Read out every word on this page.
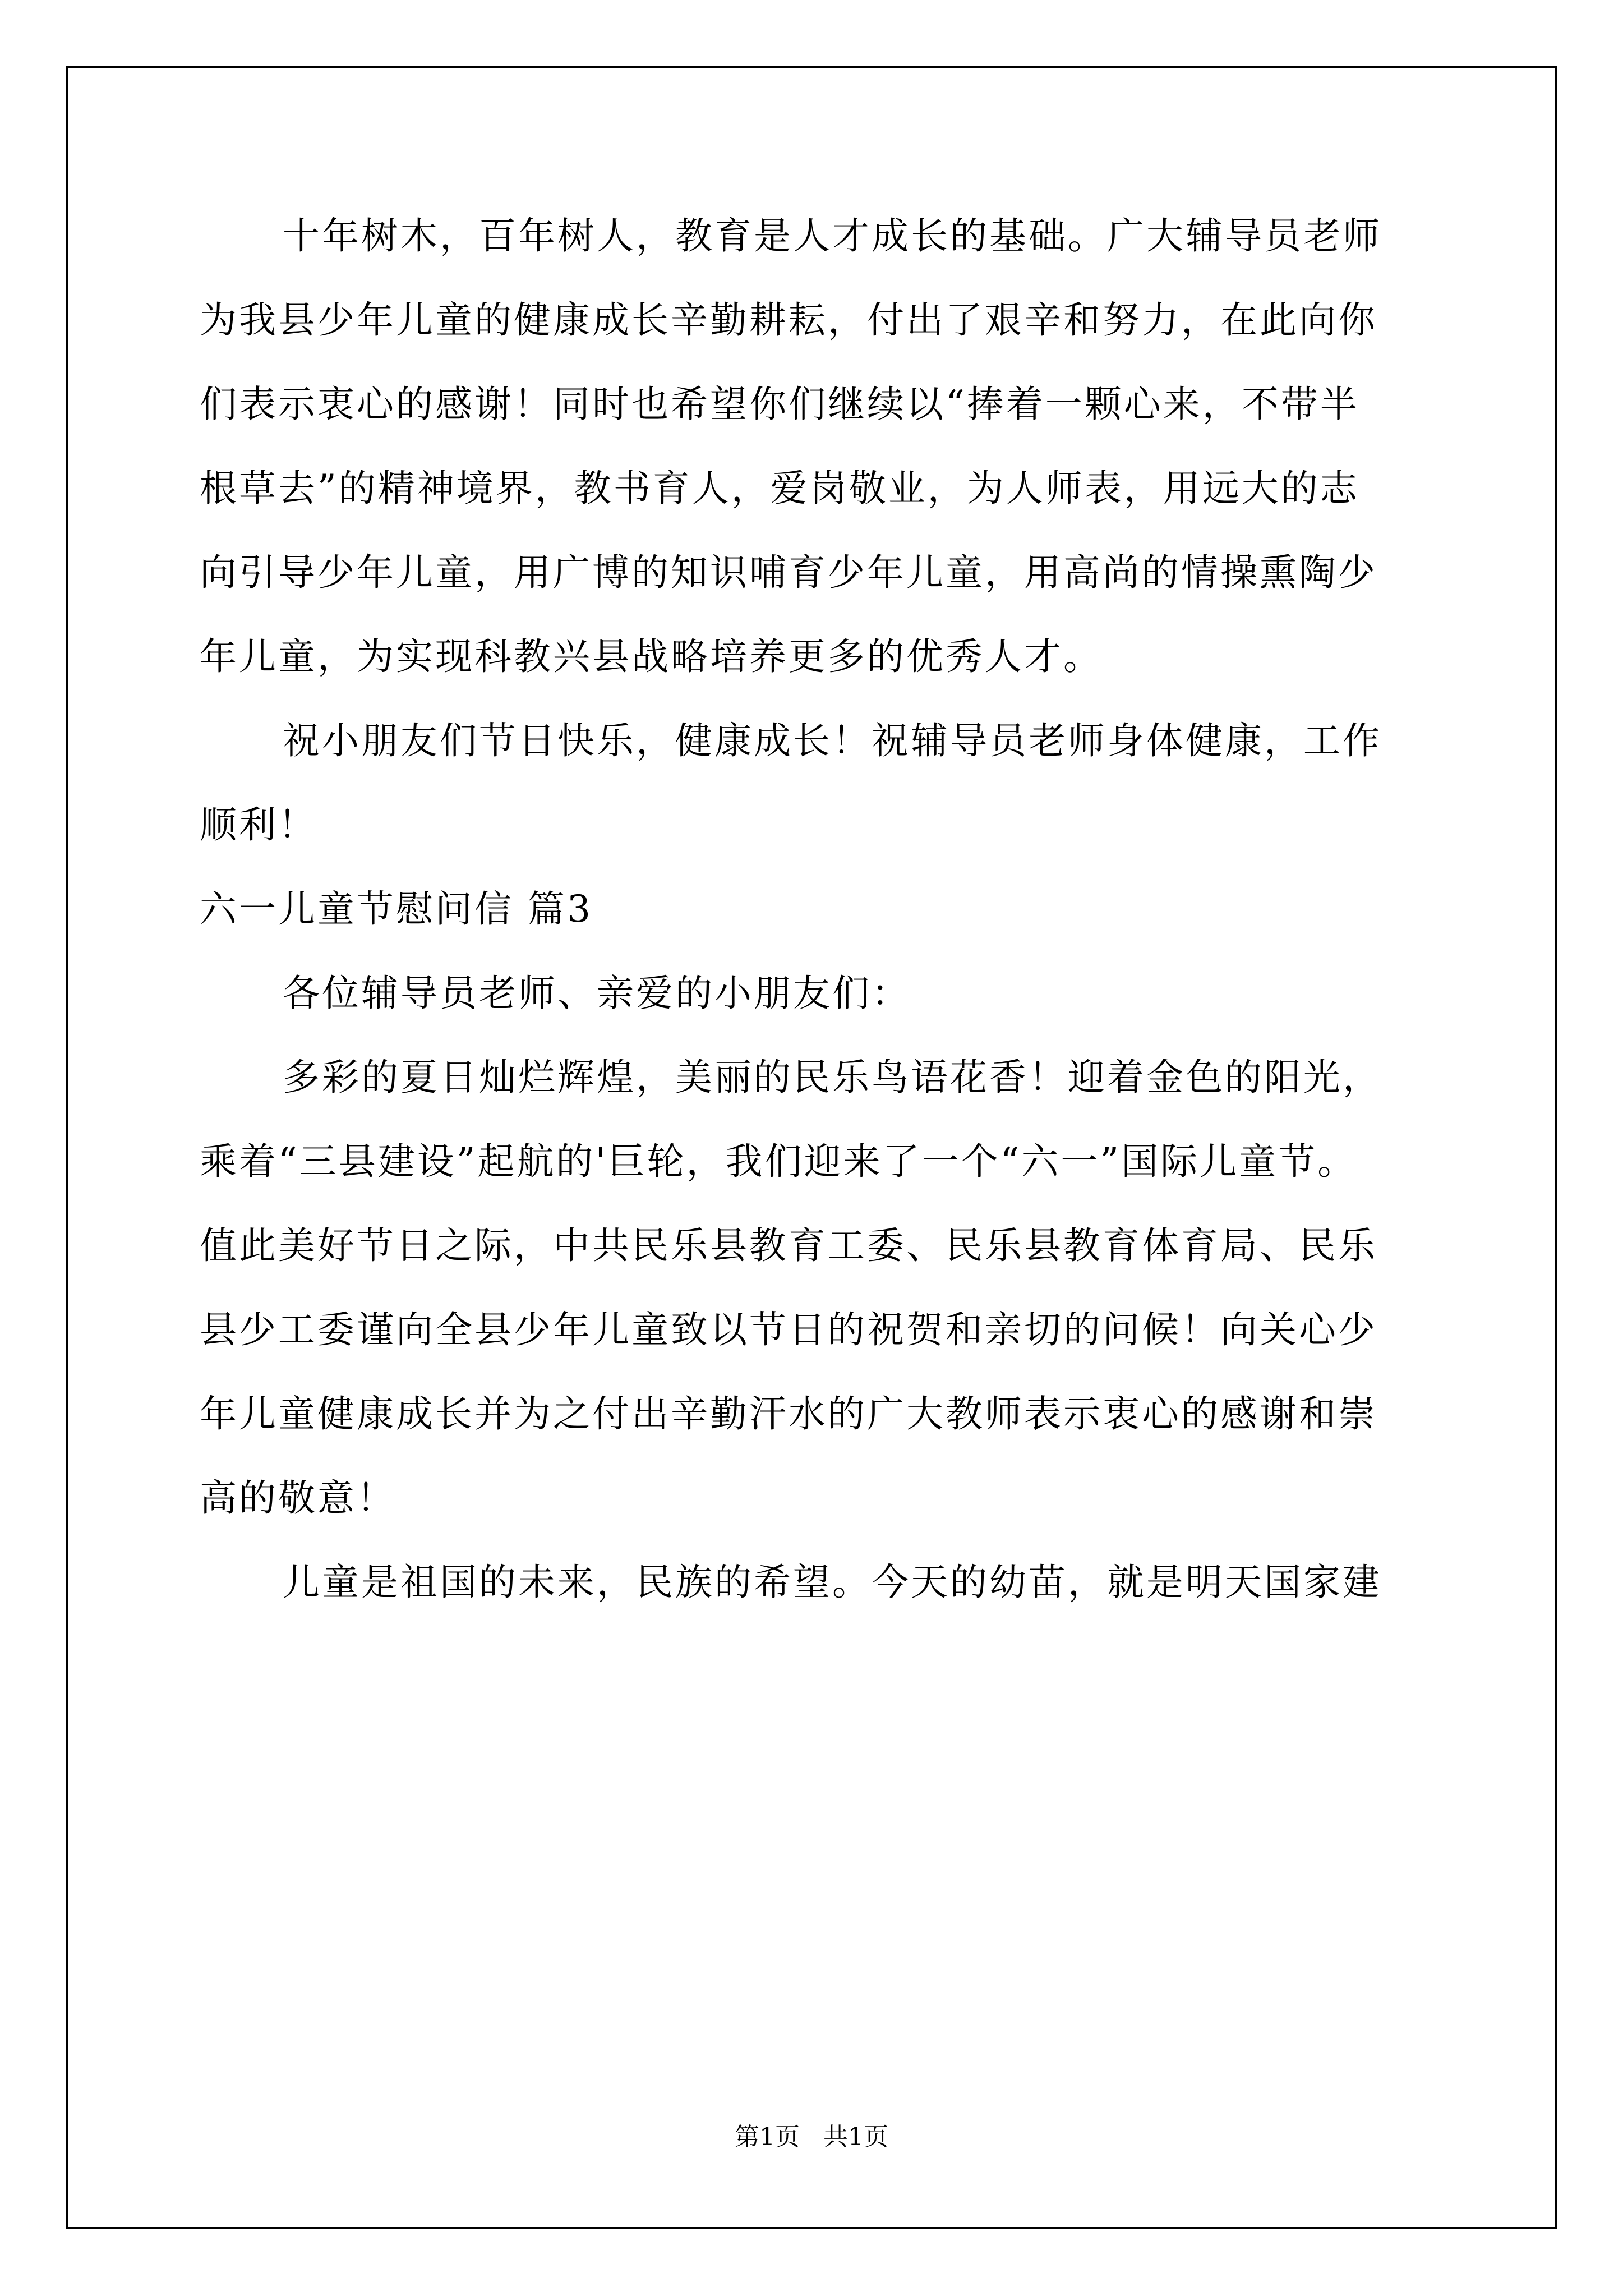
十年树木，百年树人，教育是人才成长的基础。广大辅导员老师
为我县少年儿童的健康成长辛勤耕耘，付出了艰辛和努力，在此向你
们表示衷心的感谢！同时也希望你们继续以“捧着一颗心来，不带半
根草去”的精神境界，教书育人，爱岗敬业，为人师表，用远大的志
向引导少年儿童，用广博的知识哺育少年儿童，用高尚的情操熏陶少
年儿童，为实现科教兴县战略培养更多的优秀人才。
祝小朋友们节日快乐，健康成长！祝辅导员老师身体健康，工作
顺利！
六一儿童节慰问信 篇3
各位辅导员老师、亲爱的小朋友们：
多彩的夏日灿烂辉煌，美丽的民乐鸟语花香！迎着金色的阳光，
乘着“三县建设”起航的'巨轮，我们迎来了一个“六一”国际儿童节。
值此美好节日之际，中共民乐县教育工委、民乐县教育体育局、民乐
县少工委谨向全县少年儿童致以节日的祝贺和亲切的问候！向关心少
年儿童健康成长并为之付出辛勤汗水的广大教师表示衷心的感谢和崇
高的敬意！
儿童是祖国的未来，民族的希望。今天的幼苗，就是明天国家建
第1页 共1页
